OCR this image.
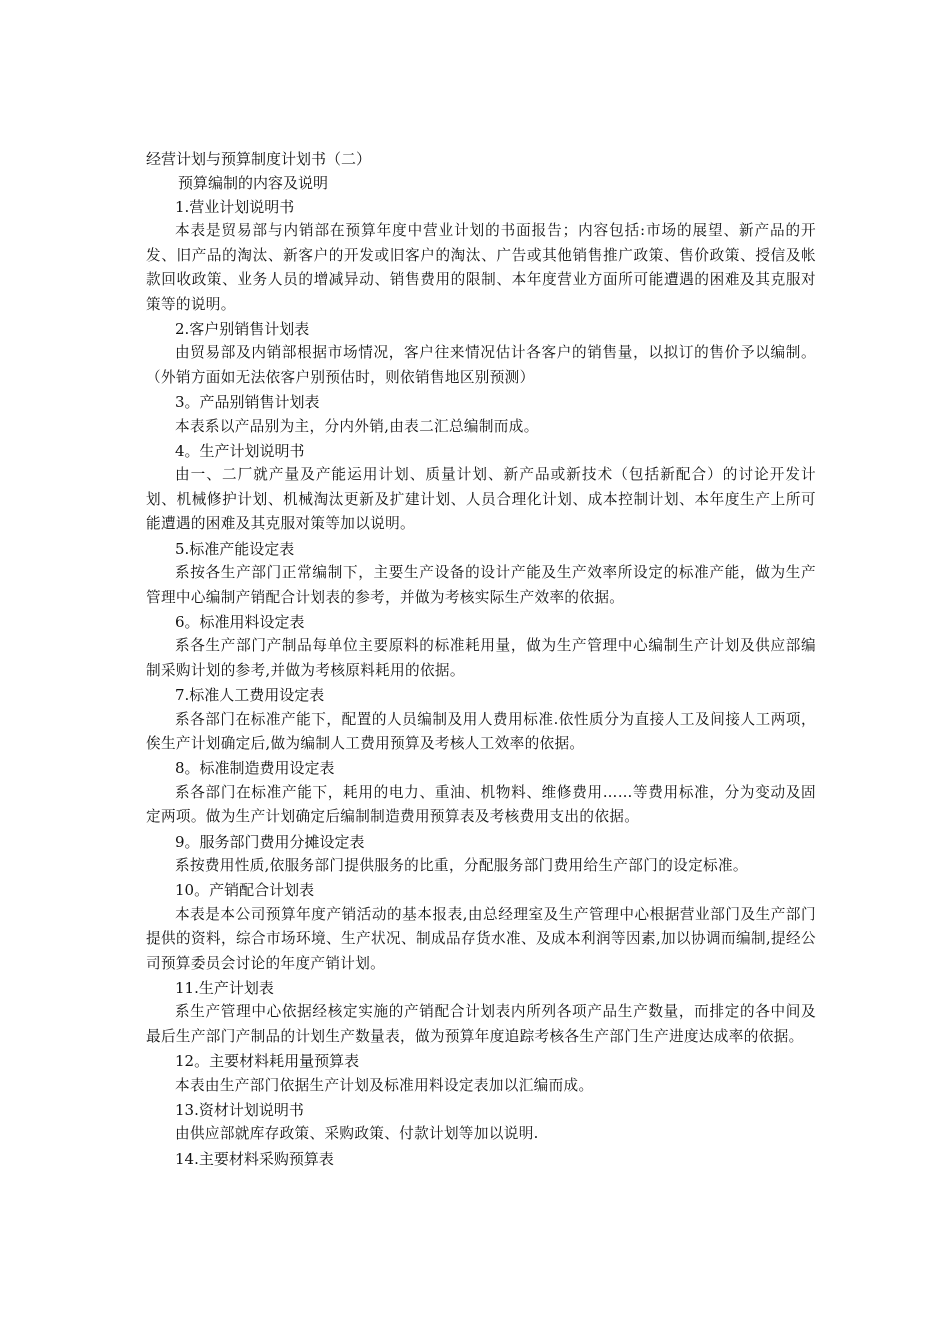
经营计划与预算制度计划书（二）
预算编制的内容及说明
1.营业计划说明书
本表是贸易部与内销部在预算年度中营业计划的书面报告；内容包括:市场的展望、新产品的开发、旧产品的淘汰、新客户的开发或旧客户的淘汰、广告或其他销售推广政策、售价政策、授信及帐款回收政策、业务人员的增减异动、销售费用的限制、本年度营业方面所可能遭遇的困难及其克服对策等的说明。
2.客户别销售计划表
由贸易部及内销部根据市场情况，客户往来情况估计各客户的销售量，以拟订的售价予以编制。（外销方面如无法依客户别预估时，则依销售地区别预测）
3。产品别销售计划表
本表系以产品别为主，分内外销,由表二汇总编制而成。
4。生产计划说明书
由一、二厂就产量及产能运用计划、质量计划、新产品或新技术（包括新配合）的讨论开发计划、机械修护计划、机械淘汰更新及扩建计划、人员合理化计划、成本控制计划、本年度生产上所可能遭遇的困难及其克服对策等加以说明。
5.标准产能设定表
系按各生产部门正常编制下，主要生产设备的设计产能及生产效率所设定的标准产能，做为生产管理中心编制产销配合计划表的参考，并做为考核实际生产效率的依据。
6。标准用料设定表
系各生产部门产制品每单位主要原料的标准耗用量，做为生产管理中心编制生产计划及供应部编制采购计划的参考,并做为考核原料耗用的依据。
7.标准人工费用设定表
系各部门在标准产能下，配置的人员编制及用人费用标准.依性质分为直接人工及间接人工两项，俟生产计划确定后,做为编制人工费用预算及考核人工效率的依据。
8。标准制造费用设定表
系各部门在标准产能下，耗用的电力、重油、机物料、维修费用……等费用标准，分为变动及固定两项。做为生产计划确定后编制制造费用预算表及考核费用支出的依据。
9。服务部门费用分摊设定表
系按费用性质,依服务部门提供服务的比重，分配服务部门费用给生产部门的设定标准。
10。产销配合计划表
本表是本公司预算年度产销活动的基本报表,由总经理室及生产管理中心根据营业部门及生产部门提供的资料，综合市场环境、生产状况、制成品存货水准、及成本利润等因素,加以协调而编制,提经公司预算委员会讨论的年度产销计划。
11.生产计划表
系生产管理中心依据经核定实施的产销配合计划表内所列各项产品生产数量，而排定的各中间及最后生产部门产制品的计划生产数量表，做为预算年度追踪考核各生产部门生产进度达成率的依据。
12。主要材料耗用量预算表
本表由生产部门依据生产计划及标准用料设定表加以汇编而成。
13.资材计划说明书
由供应部就库存政策、采购政策、付款计划等加以说明.
14.主要材料采购预算表
